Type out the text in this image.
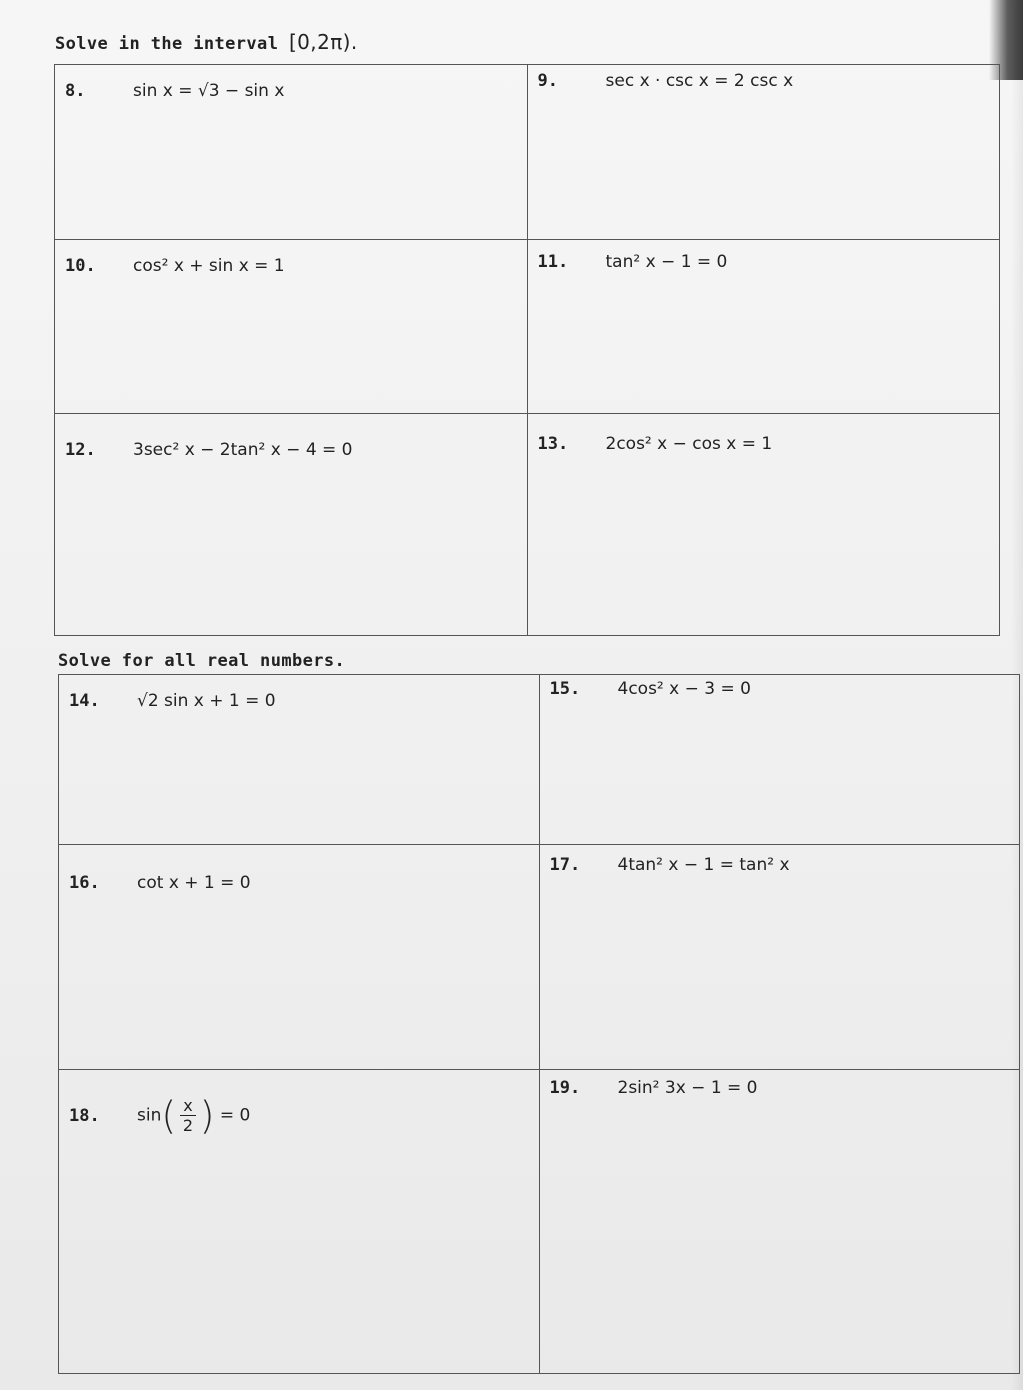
Solve in the interval [0,2π).
8. sin x = √3 − sin x	9. sec x · csc x = 2 csc x

10. cos² x + sin x = 1	11. tan² x − 1 = 0

12. 3sec² x − 2tan² x − 4 = 0	13. 2cos² x − cos x = 1
Solve for all real numbers.
14. √2 sin x + 1 = 0	15. 4cos² x − 3 = 0

16. cot x + 1 = 0	17. 4tan² x − 1 = tan² x

18. $\sin( \frac{x}{2}$ ) = 0	19. 2sin² 3x − 1 = 0
